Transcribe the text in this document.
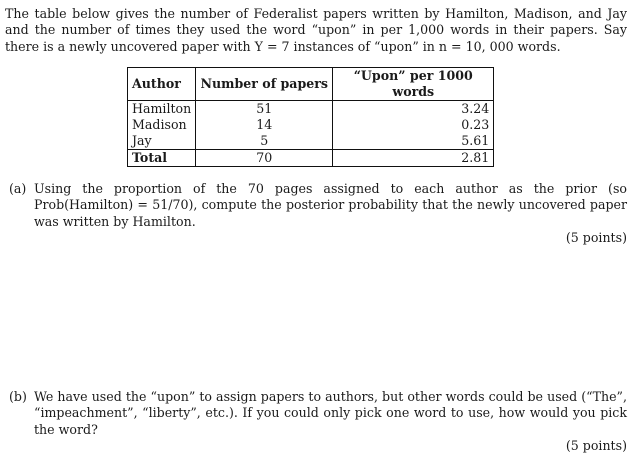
The table below gives the number of Federalist papers written by Hamilton, Madison, and Jay and the number of times they used the word “upon” in per 1,000 words in their papers. Say there is a newly uncovered paper with Y = 7 instances of “upon” in n = 10, 000 words.

Author	Number of papers	“Upon” per 1000 words
Hamilton	51	3.24
Madison	14	0.23
Jay	5	5.61
Total	70	2.81
(a) Using the proportion of the 70 pages assigned to each author as the prior (so Prob(Hamilton) = 51/70), compute the posterior probability that the newly uncovered paper was written by Hamilton.
(5 points)
(b) We have used the “upon” to assign papers to authors, but other words could be used (“The”, “impeachment”, “liberty”, etc.). If you could only pick one word to use, how would you pick the word?
(5 points)
